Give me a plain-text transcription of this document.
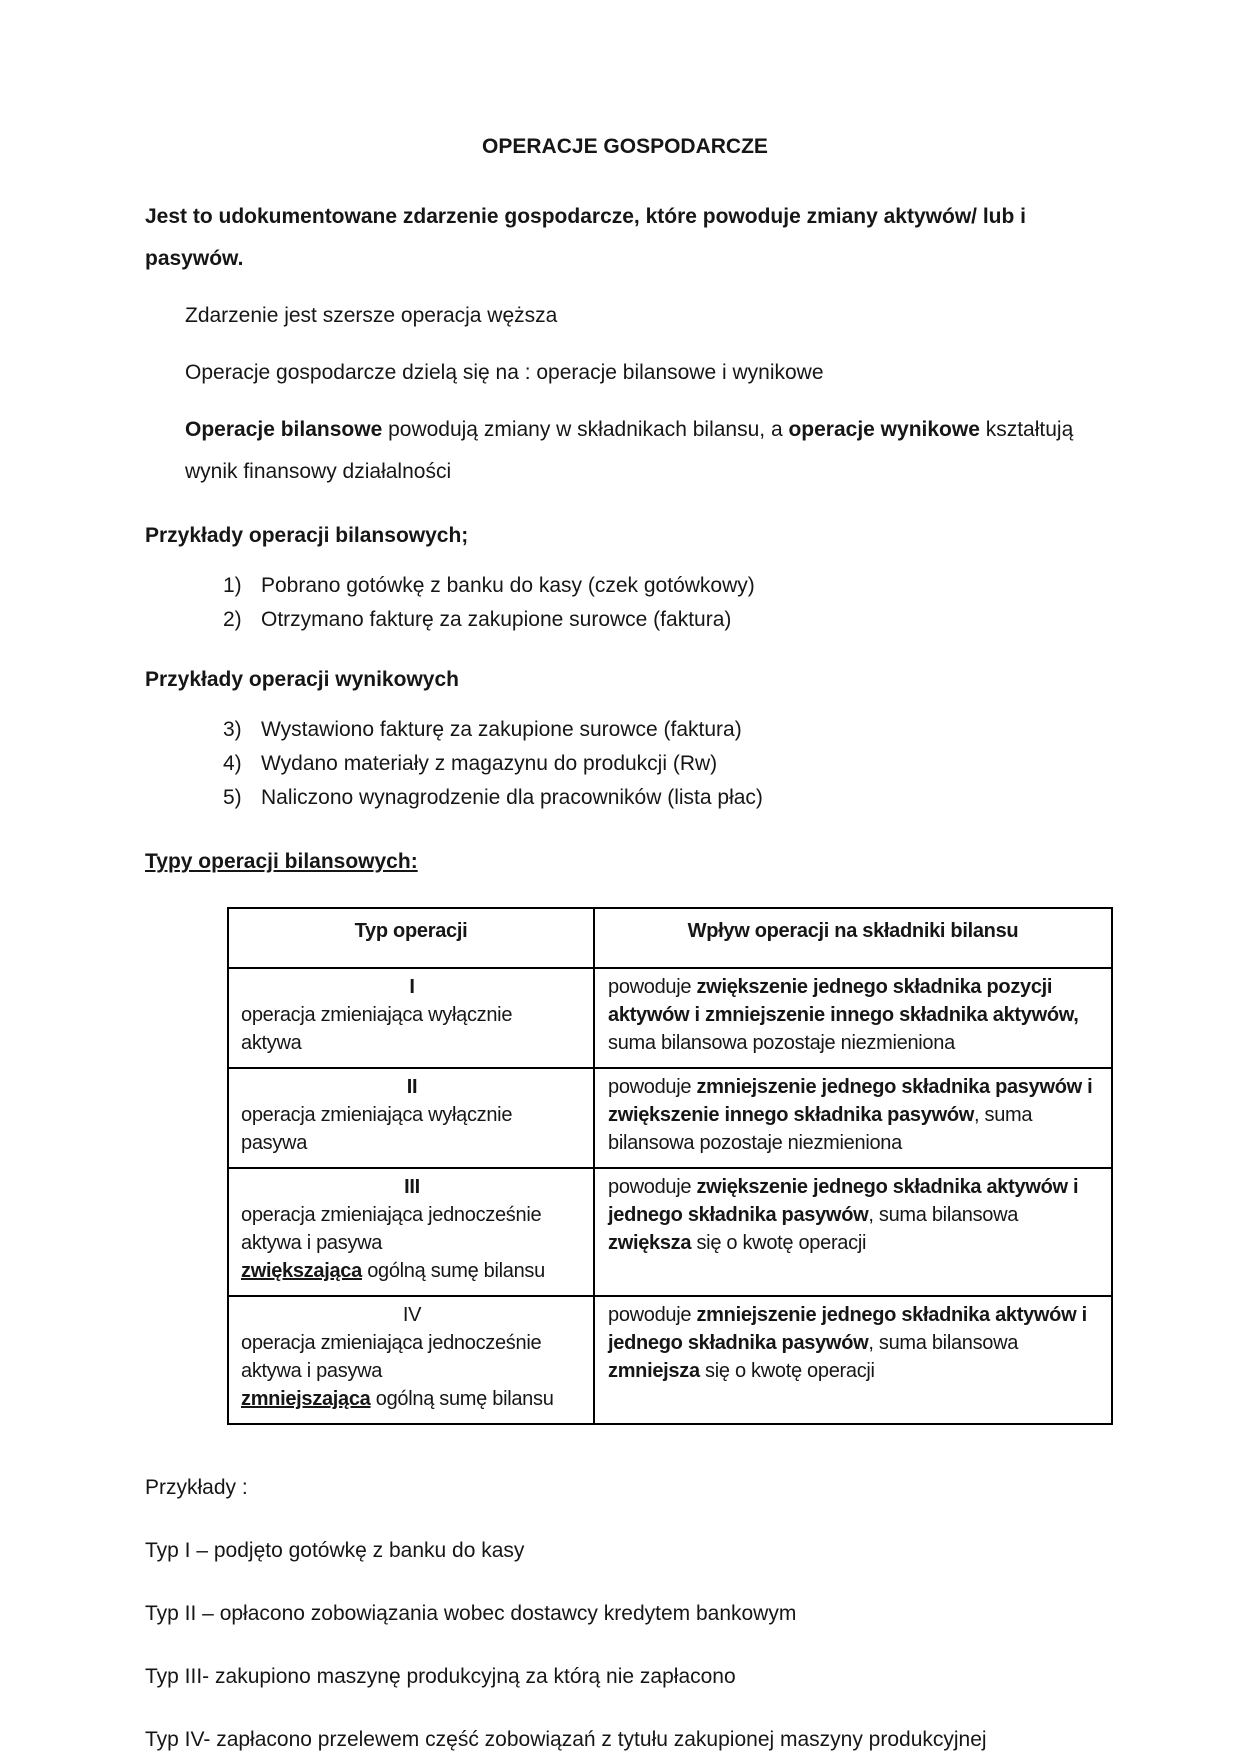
OPERACJE GOSPODARCZE

Jest to udokumentowane zdarzenie gospodarcze, które powoduje zmiany aktywów/ lub i pasywów.

Zdarzenie jest szersze operacja węższa

Operacje gospodarcze dzielą się na : operacje bilansowe i wynikowe

Operacje bilansowe powodują zmiany w składnikach bilansu, a operacje wynikowe kształtują wynik finansowy działalności

Przykłady operacji bilansowych;

1) Pobrano gotówkę z banku do kasy (czek gotówkowy)
2) Otrzymano fakturę za zakupione surowce (faktura)

Przykłady operacji wynikowych

3) Wystawiono fakturę za zakupione surowce (faktura)
4) Wydano materiały z magazynu do produkcji (Rw)
5) Naliczono wynagrodzenie dla pracowników (lista płac)

Typy operacji bilansowych:

Typ operacji	Wpływ operacji na składniki bilansu

I
operacja zmieniająca wyłącznie
aktywa	powoduje zwiększenie jednego składnika pozycji aktywów i zmniejszenie innego składnika aktywów, suma bilansowa pozostaje niezmieniona

II
operacja zmieniająca wyłącznie
pasywa	powoduje zmniejszenie jednego składnika pasywów i zwiększenie innego składnika pasywów, suma bilansowa pozostaje niezmieniona

III
operacja zmieniająca jednocześnie
aktywa i pasywa
zwiększająca ogólną sumę bilansu	powoduje zwiększenie jednego składnika aktywów i jednego składnika pasywów, suma bilansowa zwiększa się o kwotę operacji

IV
operacja zmieniająca jednocześnie
aktywa i pasywa
zmniejszająca ogólną sumę bilansu	powoduje zmniejszenie jednego składnika aktywów i jednego składnika pasywów, suma bilansowa zmniejsza się o kwotę operacji

Przykłady :

Typ I – podjęto gotówkę z banku do kasy

Typ II – opłacono zobowiązania wobec dostawcy kredytem bankowym

Typ III- zakupiono maszynę produkcyjną za którą nie zapłacono

Typ IV- zapłacono przelewem część zobowiązań z tytułu zakupionej maszyny produkcyjnej
